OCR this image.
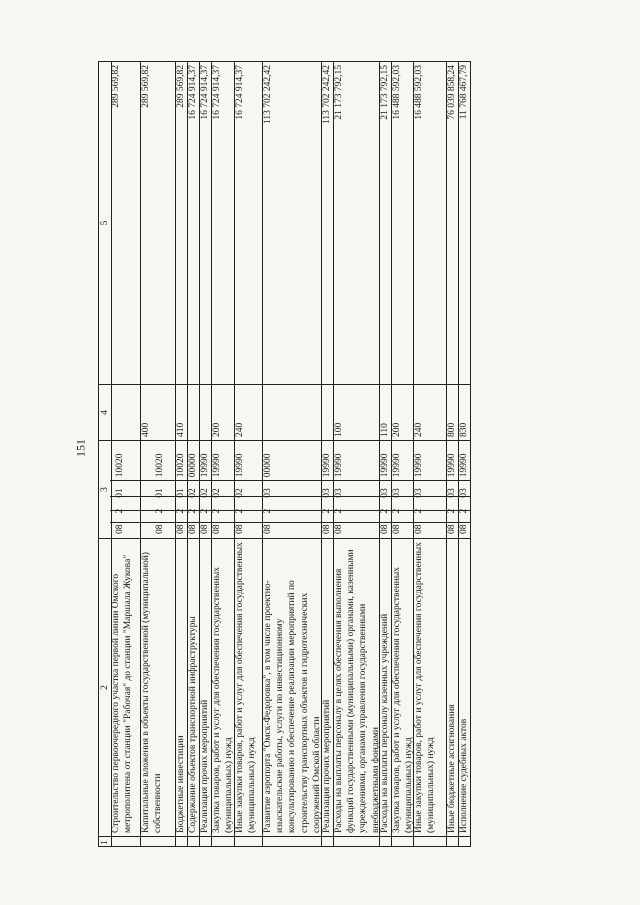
151
1
2
3
4
5
Строительство первоочередного участка первой линии Омского метрополитена от станции "Рабочая" до станции "Маршала Жукова"
08
2
01
10020
289 569,82
Капитальные вложения в объекты государственной (муниципальной) собственности
08
2
01
10020
400
289 569,82
Бюджетные инвестиции
08
2
01
10020
410
289 569,82
Содержание объектов транспортной инфраструктуры
08
2
02
00000
16 724 914,37
Реализация прочих мероприятий
08
2
02
19990
16 724 914,37
Закупка товаров, работ и услуг для обеспечения государственных (муниципальных) нужд
08
2
02
19990
200
16 724 914,37
Иные закупки товаров, работ и услуг для обеспечения государственных (муниципальных) нужд
08
2
02
19990
240
16 724 914,37
Развитие аэропорта "Омск-Федоровка", в том числе проектно-изыскательские работы, услуги по инвестиционному консультированию и обеспечение реализации мероприятий по строительству транспортных объектов и гидротехнических сооружений Омской области
08
2
03
00000
113 702 242,42
Реализация прочих мероприятий
08
2
03
19990
113 702 242,42
Расходы на выплаты персоналу в целях обеспечения выполнения функций государственными (муниципальными) органами, казенными учреждениями, органами управления государственными внебюджетными фондами
08
2
03
19990
100
21 173 792,15
Расходы на выплаты персоналу казенных учреждений
08
2
03
19990
110
21 173 792,15
Закупка товаров, работ и услуг для обеспечения государственных (муниципальных) нужд
08
2
03
19990
200
16 488 592,03
Иные закупки товаров, работ и услуг для обеспечения государственных (муниципальных) нужд
08
2
03
19990
240
16 488 592,03
Иные бюджетные ассигнования
08
2
03
19990
800
76 039 858,24
Исполнение судебных актов
08
2
03
19990
830
11 768 467,79
